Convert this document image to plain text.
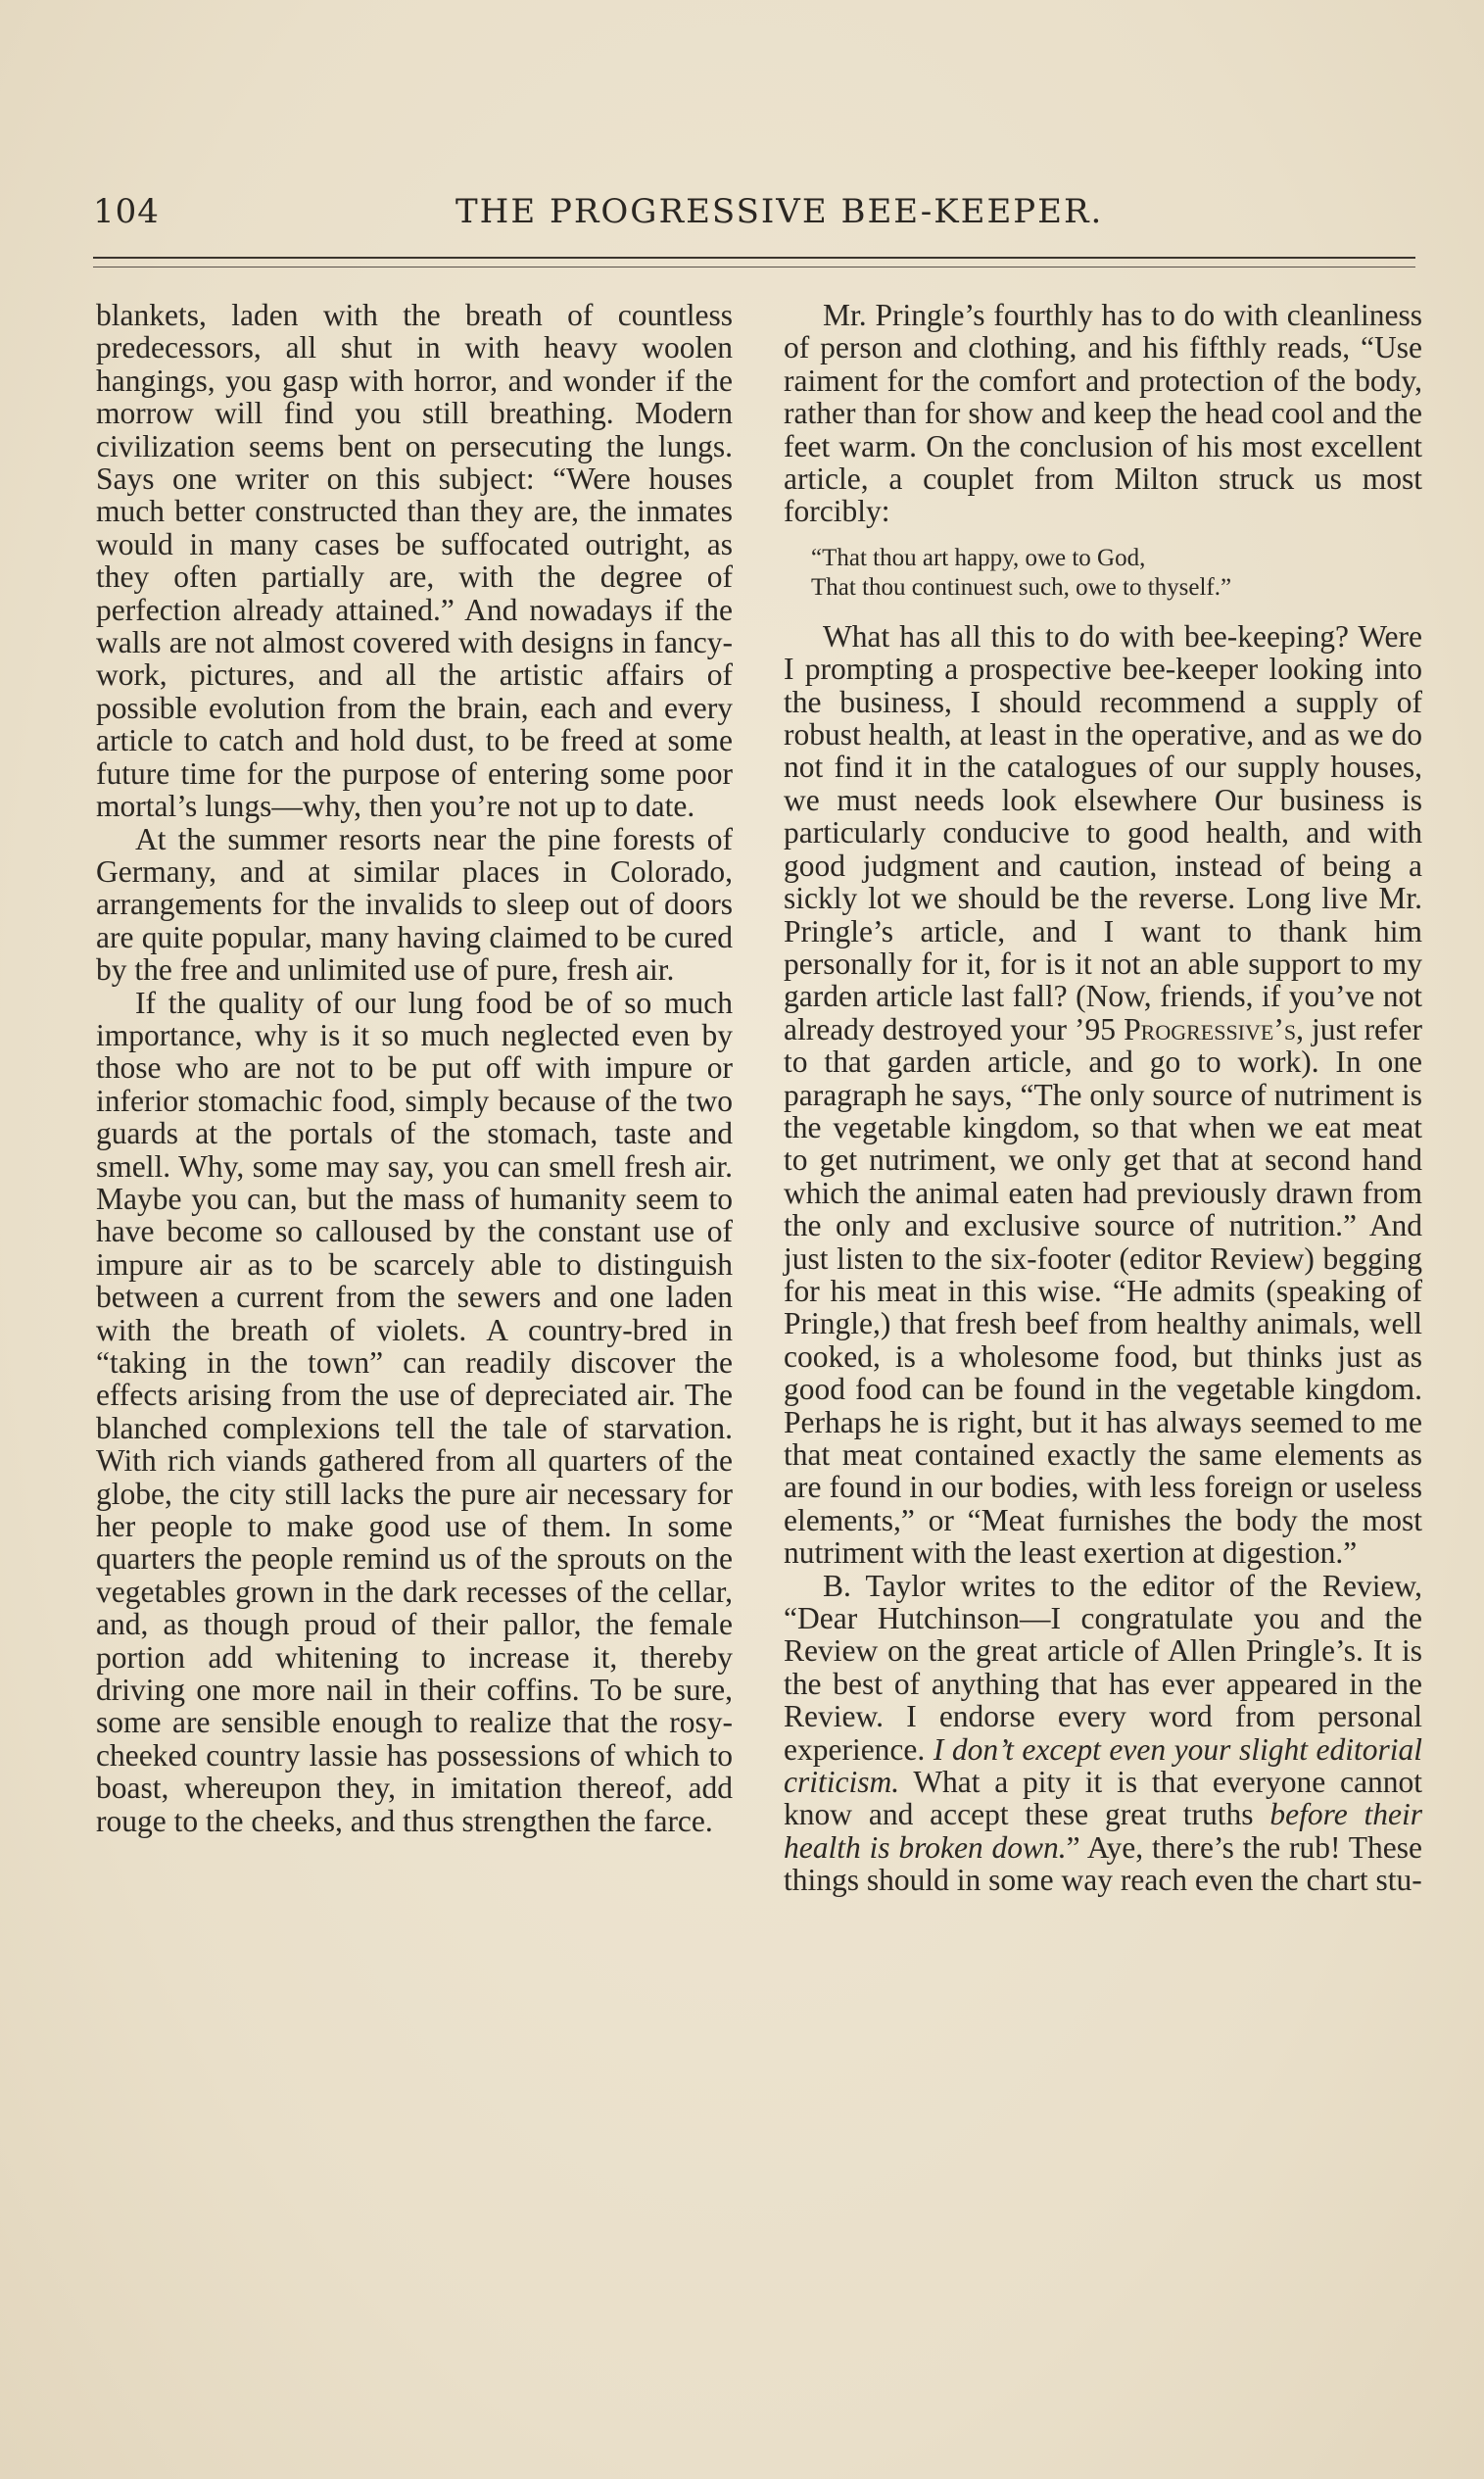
104	THE PROGRESSIVE BEE-KEEPER.

blankets, laden with the breath of countless predecessors, all shut in with heavy woolen hangings, you gasp with horror, and wonder if the morrow will find you still breathing. Modern civilization seems bent on persecuting the lungs. Says one writer on this subject: “Were houses much better constructed than they are, the inmates would in many cases be suffocated outright, as they often partially are, with the degree of perfection already attained.” And nowadays if the walls are not almost covered with designs in fancy-work, pictures, and all the artistic affairs of possible evolution from the brain, each and every article to catch and hold dust, to be freed at some future time for the purpose of entering some poor mortal’s lungs—why, then you’re not up to date.

At the summer resorts near the pine forests of Germany, and at similar places in Colorado, arrangements for the invalids to sleep out of doors are quite popular, many having claimed to be cured by the free and unlimited use of pure, fresh air.

If the quality of our lung food be of so much importance, why is it so much neglected even by those who are not to be put off with impure or inferior stomachic food, simply because of the two guards at the portals of the stomach, taste and smell. Why, some may say, you can smell fresh air. Maybe you can, but the mass of humanity seem to have become so calloused by the constant use of impure air as to be scarcely able to distinguish between a current from the sewers and one laden with the breath of violets. A country-bred in “taking in the town” can readily discover the effects arising from the use of depreciated air. The blanched complexions tell the tale of starvation. With rich viands gathered from all quarters of the globe, the city still lacks the pure air necessary for her people to make good use of them. In some quarters the people remind us of the sprouts on the vegetables grown in the dark recesses of the cellar, and, as though proud of their pallor, the female portion add whitening to increase it, thereby driving one more nail in their coffins. To be sure, some are sensible enough to realize that the rosy-cheeked country lassie has possessions of which to boast, whereupon they, in imitation thereof, add rouge to the cheeks, and thus strengthen the farce.

Mr. Pringle’s fourthly has to do with cleanliness of person and clothing, and his fifthly reads, “Use raiment for the comfort and protection of the body, rather than for show and keep the head cool and the feet warm. On the conclusion of his most excellent article, a couplet from Milton struck us most forcibly:

“That thou art happy, owe to God,
That thou continuest such, owe to thyself.”

What has all this to do with bee-keeping? Were I prompting a prospective bee-keeper looking into the business, I should recommend a supply of robust health, at least in the operative, and as we do not find it in the catalogues of our supply houses, we must needs look elsewhere Our business is particularly conducive to good health, and with good judgment and caution, instead of being a sickly lot we should be the reverse. Long live Mr. Pringle’s article, and I want to thank him personally for it, for is it not an able support to my garden article last fall? (Now, friends, if you’ve not already destroyed your ’95 Progressive’s, just refer to that garden article, and go to work). In one paragraph he says, “The only source of nutriment is the vegetable kingdom, so that when we eat meat to get nutriment, we only get that at second hand which the animal eaten had previously drawn from the only and exclusive source of nutrition.” And just listen to the six-footer (editor Review) begging for his meat in this wise. “He admits (speaking of Pringle,) that fresh beef from healthy animals, well cooked, is a wholesome food, but thinks just as good food can be found in the vegetable kingdom. Perhaps he is right, but it has always seemed to me that meat contained exactly the same elements as are found in our bodies, with less foreign or useless elements,” or “Meat furnishes the body the most nutriment with the least exertion at digestion.”

B. Taylor writes to the editor of the Review, “Dear Hutchinson—I congratulate you and the Review on the great article of Allen Pringle’s. It is the best of anything that has ever appeared in the Review. I endorse every word from personal experience. I don’t except even your slight editorial criticism. What a pity it is that everyone cannot know and accept these great truths before their health is broken down.” Aye, there’s the rub! These things should in some way reach even the chart stu-
